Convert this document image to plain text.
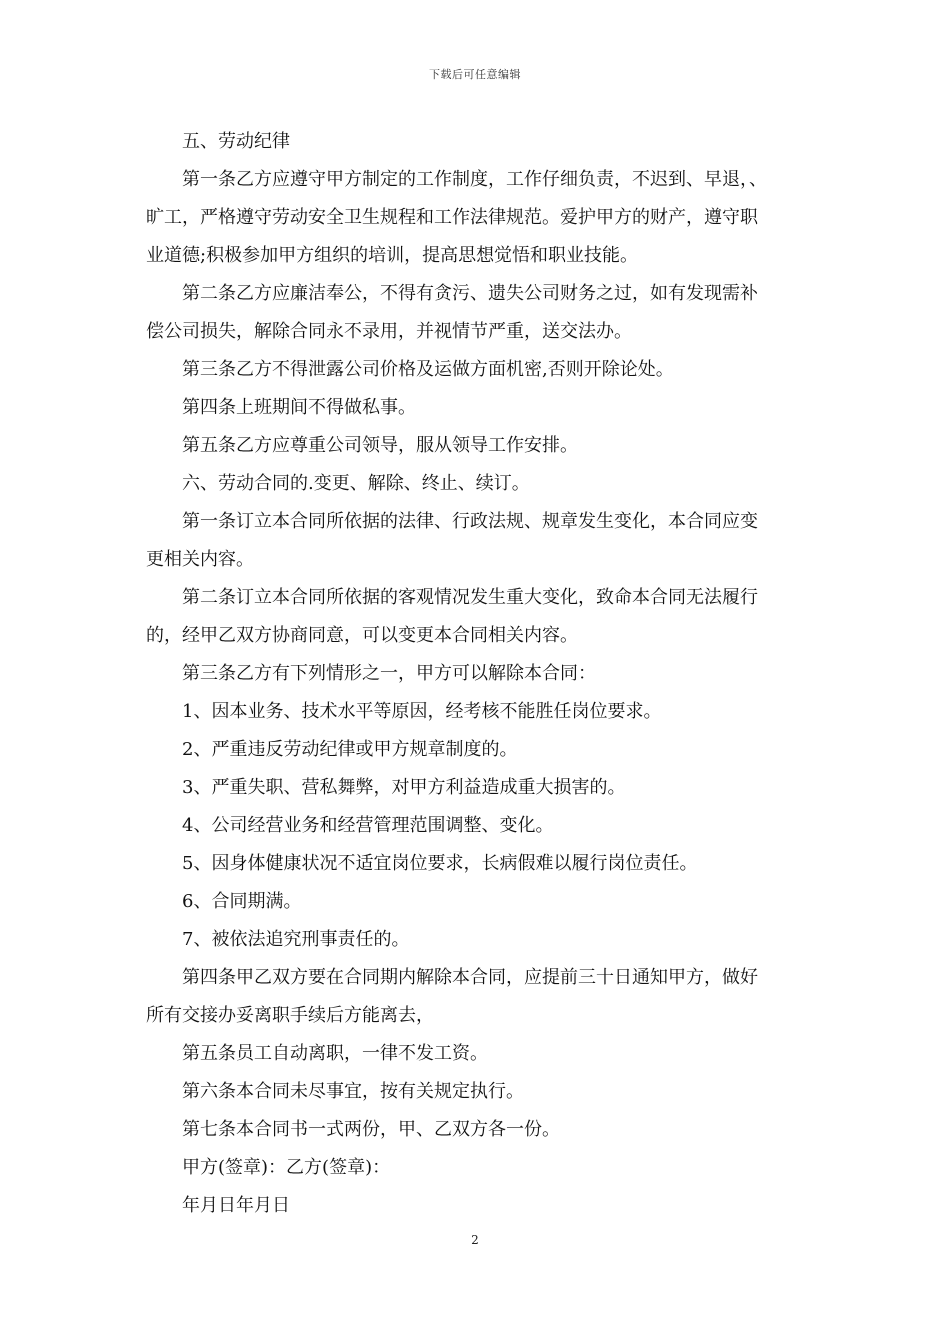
下载后可任意编辑
五、劳动纪律
第一条乙方应遵守甲方制定的工作制度，工作仔细负责，不迟到、早退，、
旷工，严格遵守劳动安全卫生规程和工作法律规范。爱护甲方的财产，遵守职
业道德;积极参加甲方组织的培训，提高思想觉悟和职业技能。
第二条乙方应廉洁奉公，不得有贪污、遗失公司财务之过，如有发现需补
偿公司损失，解除合同永不录用，并视情节严重，送交法办。
第三条乙方不得泄露公司价格及运做方面机密,否则开除论处。
第四条上班期间不得做私事。
第五条乙方应尊重公司领导，服从领导工作安排。
六、劳动合同的.变更、解除、终止、续订。
第一条订立本合同所依据的法律、行政法规、规章发生变化，本合同应变
更相关内容。
第二条订立本合同所依据的客观情况发生重大变化，致命本合同无法履行
的，经甲乙双方协商同意，可以变更本合同相关内容。
第三条乙方有下列情形之一，甲方可以解除本合同：
1、因本业务、技术水平等原因，经考核不能胜任岗位要求。
2、严重违反劳动纪律或甲方规章制度的。
3、严重失职、营私舞弊，对甲方利益造成重大损害的。
4、公司经营业务和经营管理范围调整、变化。
5、因身体健康状况不适宜岗位要求，长病假难以履行岗位责任。
6、合同期满。
7、被依法追究刑事责任的。
第四条甲乙双方要在合同期内解除本合同，应提前三十日通知甲方，做好
所有交接办妥离职手续后方能离去，
第五条员工自动离职，一律不发工资。
第六条本合同未尽事宜，按有关规定执行。
第七条本合同书一式两份，甲、乙双方各一份。
甲方(签章)：乙方(签章)：
年月日年月日
2
